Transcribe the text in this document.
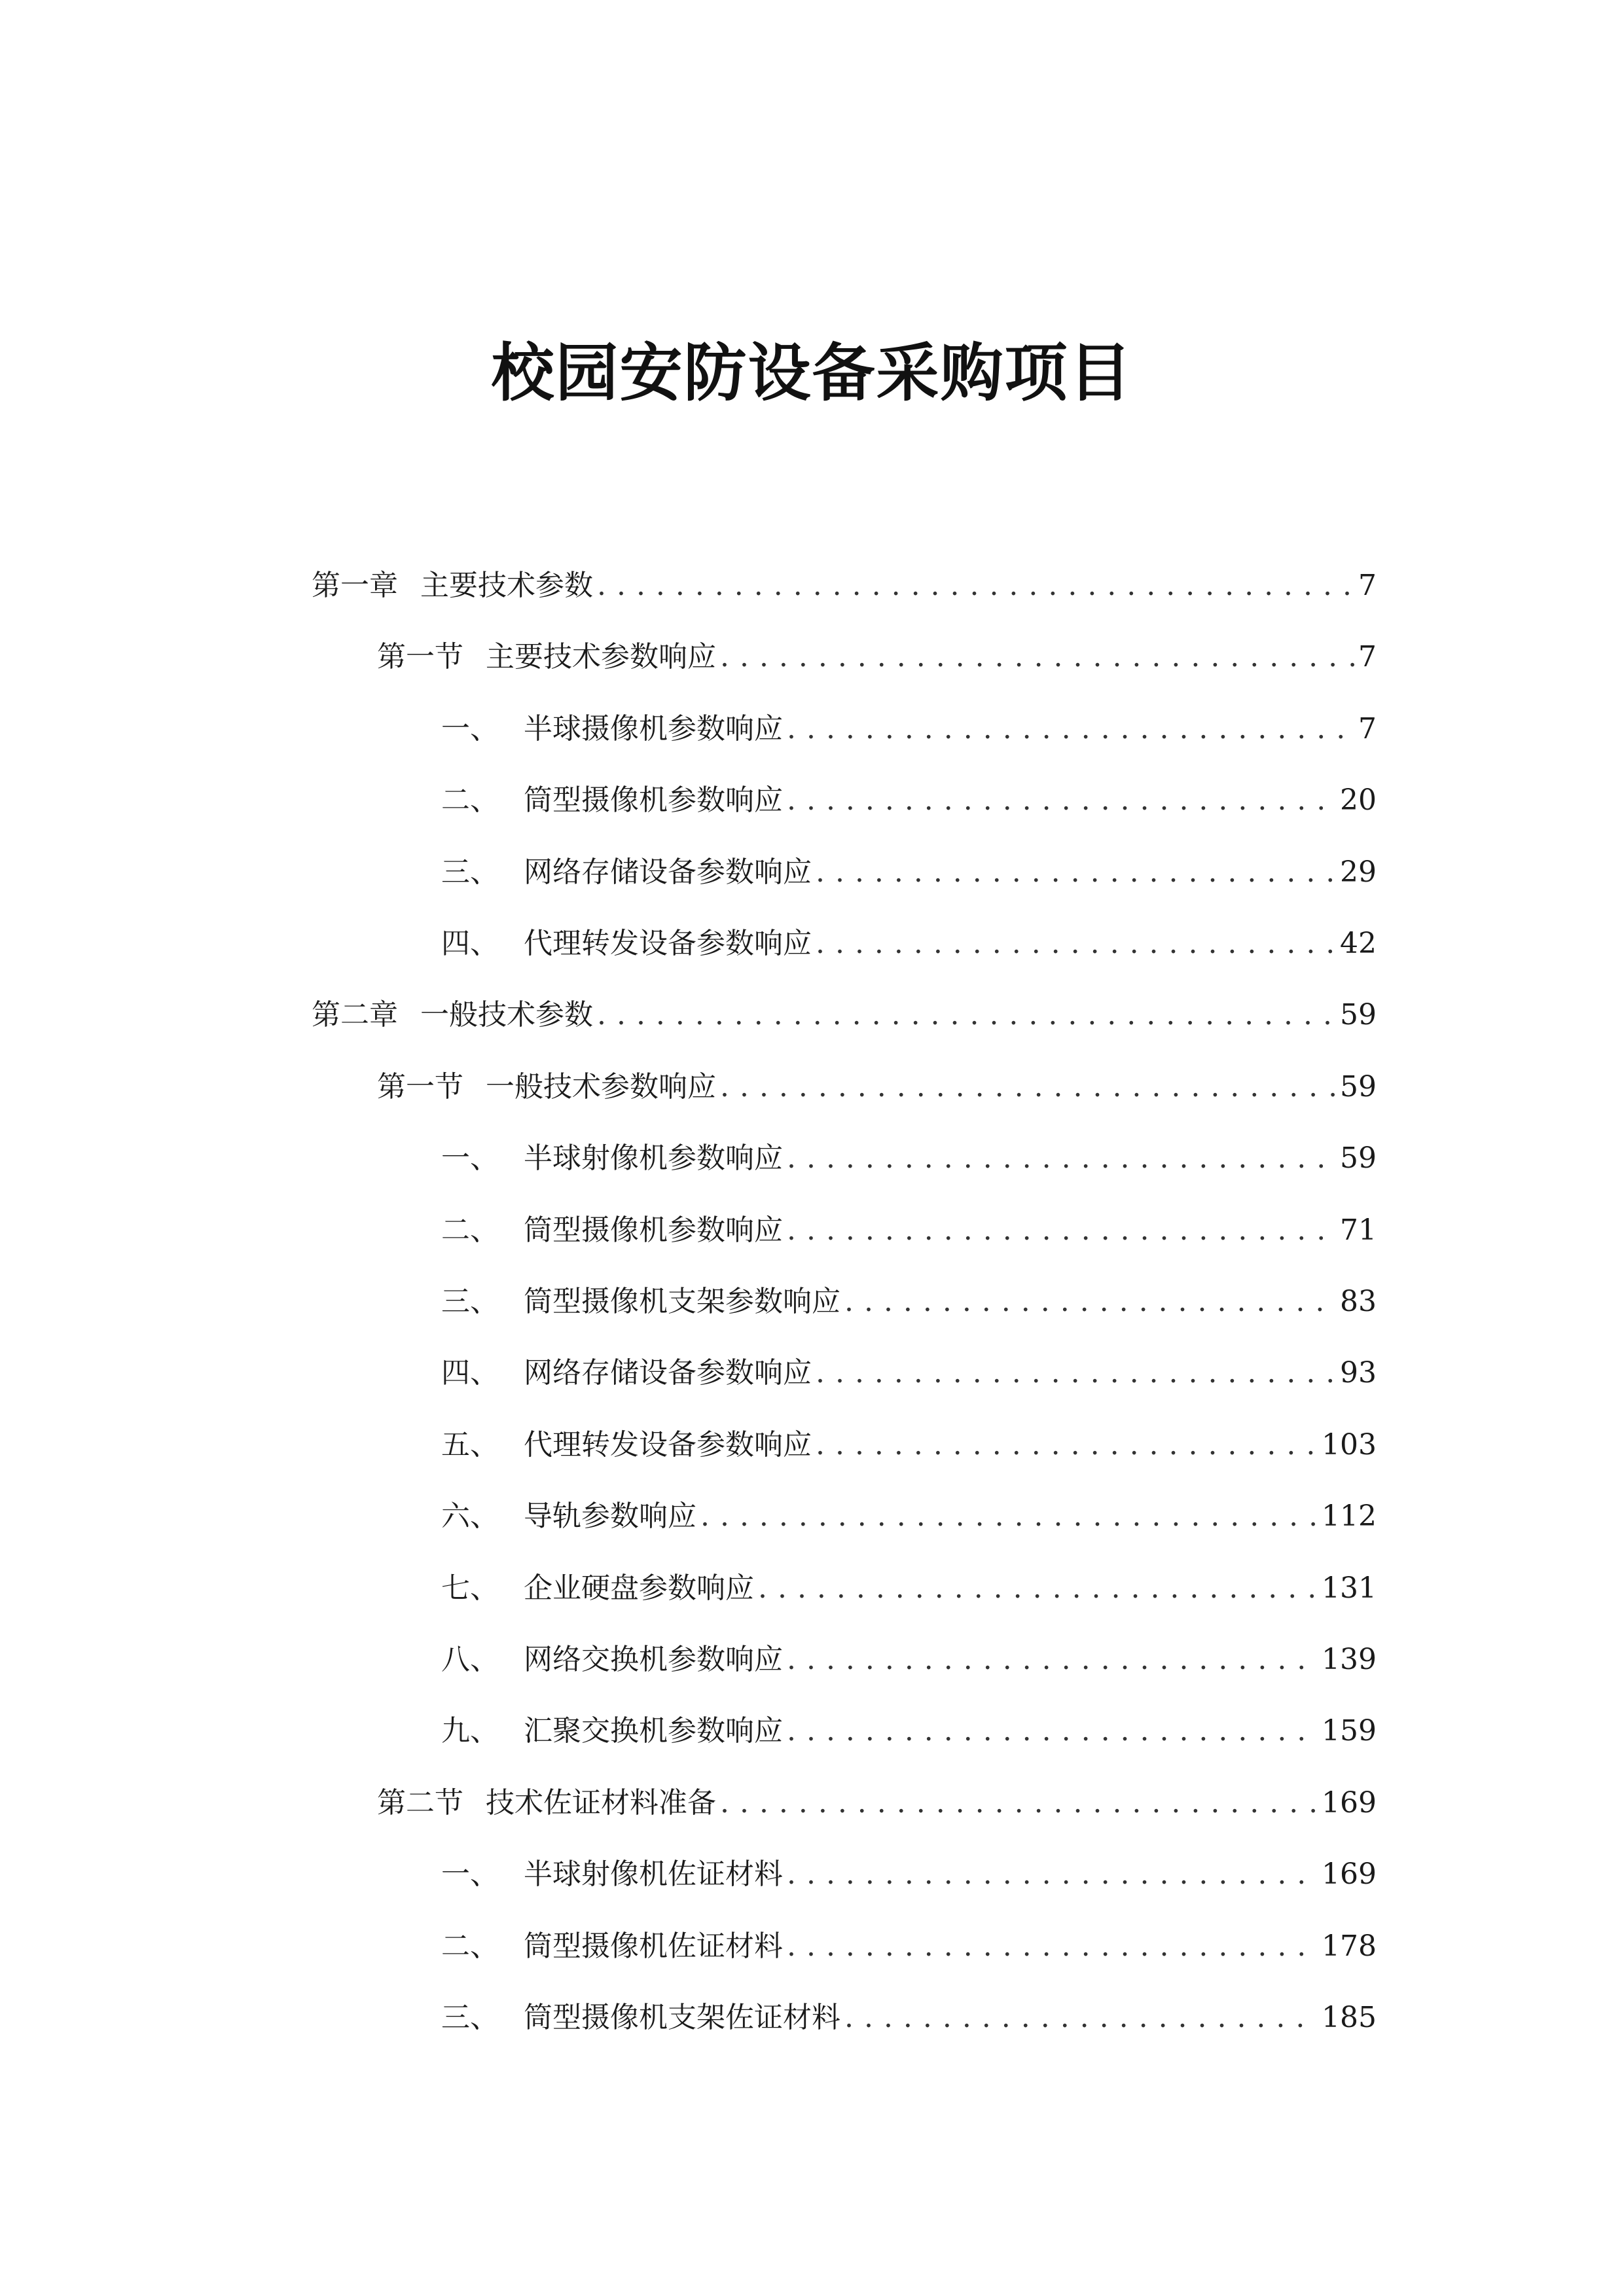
校园安防设备采购项目
第一章 主要技术参数 . . .	7
第一节 主要技术参数响应 . . .	7
一、 半球摄像机参数响应 . . .	7
二、 筒型摄像机参数响应 . . .	20
三、 网络存储设备参数响应 . . .	29
四、 代理转发设备参数响应 . . .	42
第二章 一般技术参数 . . .	59
第一节 一般技术参数响应 . . .	59
一、 半球射像机参数响应 . . .	59
二、 筒型摄像机参数响应 . . .	71
三、 筒型摄像机支架参数响应 . . .	83
四、 网络存储设备参数响应 . . .	93
五、 代理转发设备参数响应 . . .	103
六、 导轨参数响应 . . .	112
七、 企业硬盘参数响应 . . .	131
八、 网络交换机参数响应 . . .	139
九、 汇聚交换机参数响应 . . .	159
第二节 技术佐证材料准备 . . .	169
一、 半球射像机佐证材料 . . .	169
二、 筒型摄像机佐证材料 . . .	178
三、 筒型摄像机支架佐证材料 . . .	185
